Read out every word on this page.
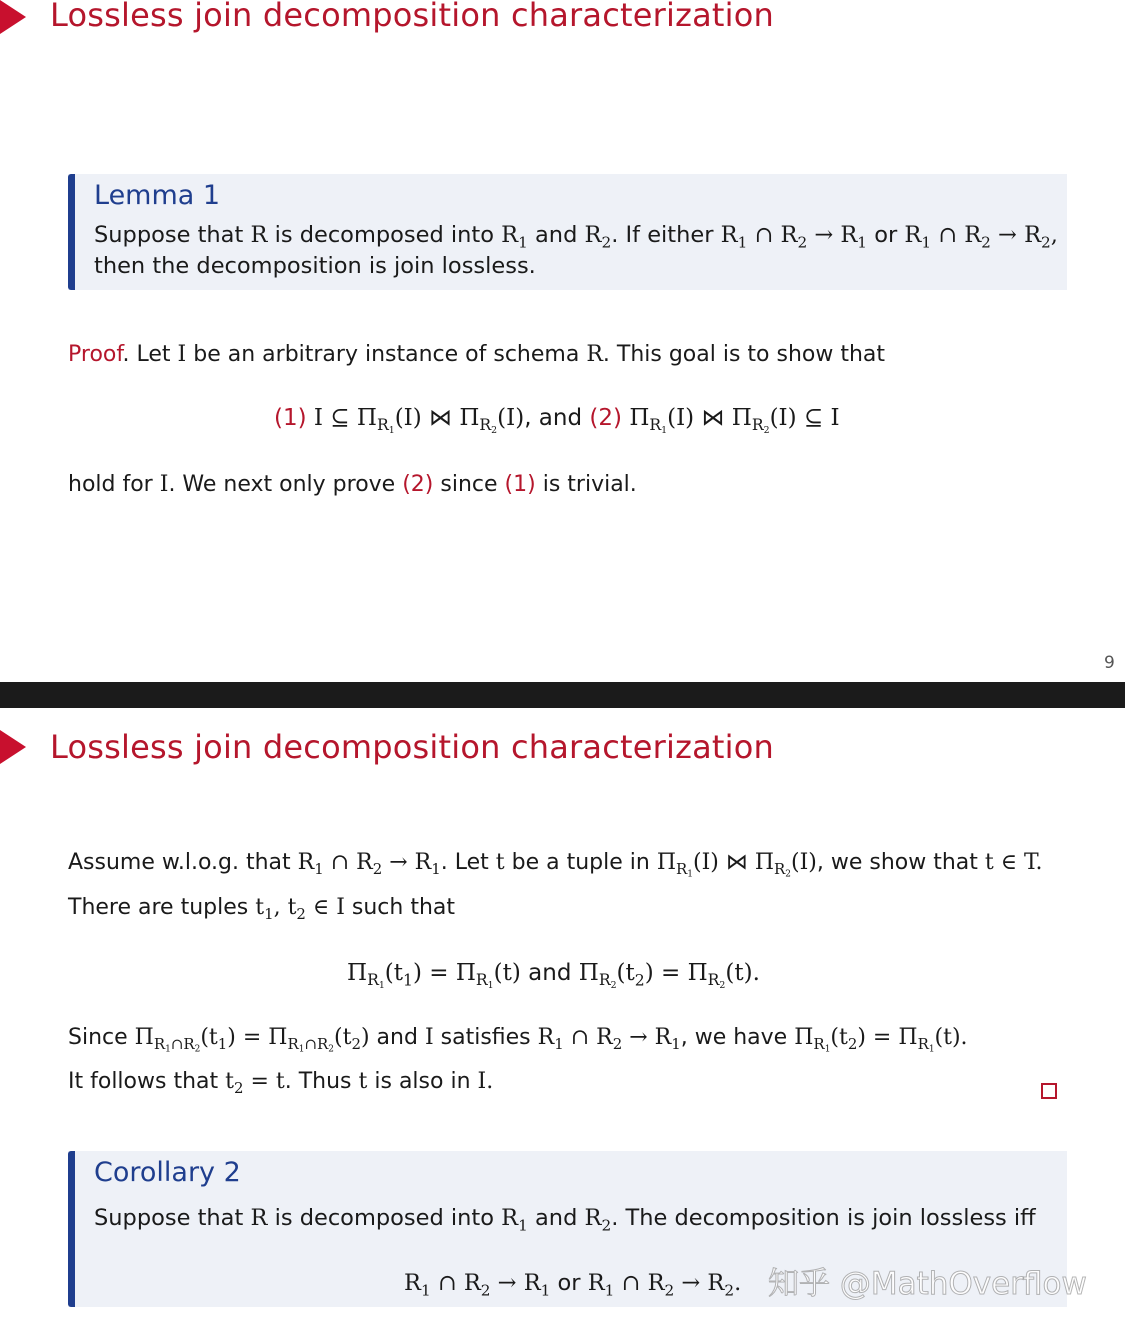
Lossless join decomposition characterization
Lemma 1
Suppose that R is decomposed into $R_1$ and $R_2$. If either $R_1$ ∩ $R_2 \to R_1$ or $R_1$ ∩ $R_2 \to R_2$,
then the decomposition is join lossless.
Proof. Let I be an arbitrary instance of schema R. This goal is to show that
(1) I ⊆ $\Pi_{R_1}(I)$ ⋈ $\Pi_{R_2}(I)$, and (2) $\Pi_{R_1}(I)$ ⋈ $\Pi_{R_2}(I)$ ⊆ I
hold for I. We next only prove (2) since (1) is trivial.
9
Lossless join decomposition characterization
Assume w.l.o.g. that $R_1$ ∩ $R_2 \to R_1$. Let t be a tuple in $\Pi_{R_1}(I)$ ⋈ $\Pi_{R_2}(I)$, we show that t ∈ T.
There are tuples $t_1$, $t_2$ ∈ I such that
$\Pi_{R_1}(t_1) = \Pi_{R_1}(t)$ and $\Pi_{R_2}(t_2) = \Pi_{R_2}(t)$.
Since $\Pi_{R_1\cap R_2}(t_1) = \Pi_{R_1\cap R_2}(t_2)$ and I satisfies $R_1$ ∩ $R_2 \to R_1$, we have $\Pi_{R_1}(t_2) = \Pi_{R_1}(t)$.
It follows that $t_2 = t$. Thus t is also in I.
Corollary 2
Suppose that R is decomposed into $R_1$ and $R_2$. The decomposition is join lossless iff
$R_1$ ∩ $R_2 \to R_1$ or $R_1$ ∩ $R_2 \to R_2$. 知乎 @MathOverflow
